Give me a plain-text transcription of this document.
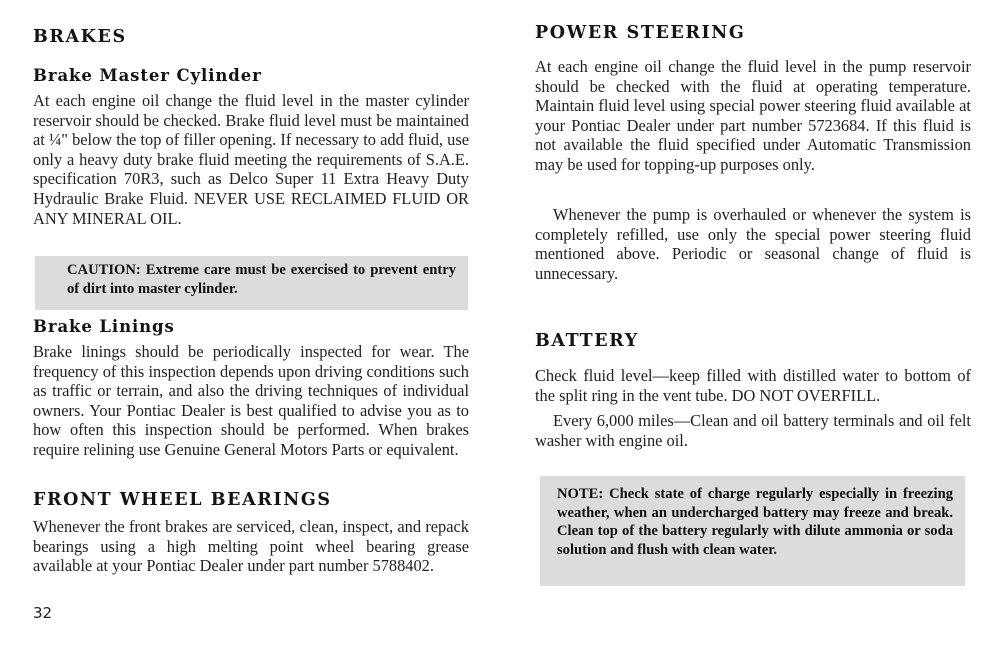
BRAKES
Brake Master Cylinder

At each engine oil change the fluid level in the master cylinder reservoir should be checked. Brake fluid level must be maintained at ¼" below the top of filler opening. If necessary to add fluid, use only a heavy duty brake fluid meeting the requirements of S.A.E. specification 70R3, such as Delco Super 11 Extra Heavy Duty Hydraulic Brake Fluid. NEVER USE RECLAIMED FLUID OR ANY MINERAL OIL.

CAUTION: Extreme care must be exercised to prevent entry of dirt into master cylinder.

Brake Linings

Brake linings should be periodically inspected for wear. The frequency of this inspection depends upon driving conditions such as traffic or terrain, and also the driving techniques of individual owners. Your Pontiac Dealer is best qualified to advise you as to how often this inspection should be performed. When brakes require relining use Genuine General Motors Parts or equivalent.

FRONT WHEEL BEARINGS

Whenever the front brakes are serviced, clean, inspect, and repack bearings using a high melting point wheel bearing grease available at your Pontiac Dealer under part number 5788402.

32
POWER STEERING

At each engine oil change the fluid level in the pump reservoir should be checked with the fluid at operating temperature. Maintain fluid level using special power steering fluid available at your Pontiac Dealer under part number 5723684. If this fluid is not available the fluid specified under Automatic Transmission may be used for topping-up purposes only.

Whenever the pump is overhauled or whenever the system is completely refilled, use only the special power steering fluid mentioned above. Periodic or seasonal change of fluid is unnecessary.

BATTERY

Check fluid level—keep filled with distilled water to bottom of the split ring in the vent tube. DO NOT OVERFILL.

Every 6,000 miles—Clean and oil battery terminals and oil felt washer with engine oil.

NOTE: Check state of charge regularly especially in freezing weather, when an undercharged battery may freeze and break. Clean top of the battery regularly with dilute ammonia or soda solution and flush with clean water.
